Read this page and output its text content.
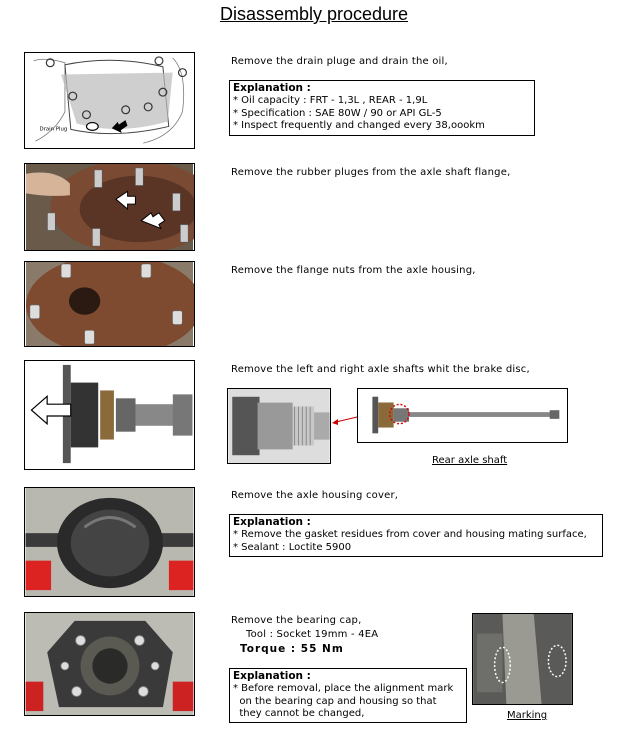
Disassembly procedure
Drain Plug
Remove the drain pluge and drain the oil,
Explanation :
* Oil capacity : FRT - 1,3L , REAR - 1,9L
* Specification : SAE 80W / 90 or API GL-5
* Inspect frequently and changed every 38,oookm
Remove the rubber pluges from the axle shaft flange,
Remove the flange nuts from the axle housing,
Remove the left and right axle shafts whit the brake disc,
Rear axle shaft
Remove the axle housing cover,
Explanation :
* Remove the gasket residues from cover and housing mating surface,
* Sealant : Loctite 5900
Remove the bearing cap,
Tool : Socket 19mm - 4EA
Torque : 55 Nm
Marking
Explanation :
* Before removal, place the alignment mark
on the bearing cap and housing so that
they cannot be changed,
